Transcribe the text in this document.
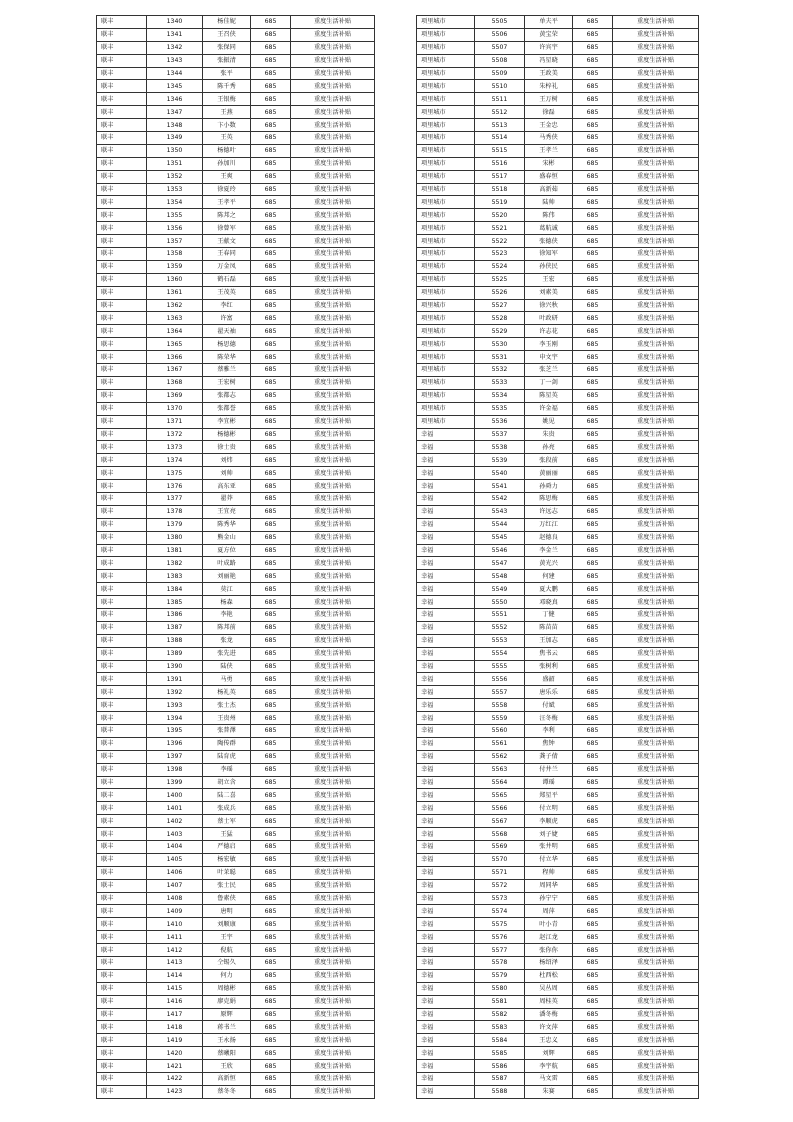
联丰	1340	杨佳妮	685	重度生活补贴
联丰	1341	王召侠	685	重度生活补贴
联丰	1342	张保同	685	重度生活补贴
联丰	1343	张振清	685	重度生活补贴
联丰	1344	张平	685	重度生活补贴
联丰	1345	陈千秀	685	重度生活补贴
联丰	1346	王银梅	685	重度生活补贴
联丰	1347	王燕	685	重度生活补贴
联丰	1348	卞小数	685	重度生活补贴
联丰	1349	王英	685	重度生活补贴
联丰	1350	杨德叶	685	重度生活补贴
联丰	1351	孙加川	685	重度生活补贴
联丰	1352	王爽	685	重度生活补贴
联丰	1353	徐夏玲	685	重度生活补贴
联丰	1354	王孝平	685	重度生活补贴
联丰	1355	陈邦之	685	重度生活补贴
联丰	1356	徐曾军	685	重度生活补贴
联丰	1357	王献文	685	重度生活补贴
联丰	1358	王春同	685	重度生活补贴
联丰	1359	万金凤	685	重度生活补贴
联丰	1360	鹤石磊	685	重度生活补贴
联丰	1361	王茂英	685	重度生活补贴
联丰	1362	李红	685	重度生活补贴
联丰	1363	许富	685	重度生活补贴
联丰	1364	翟天袖	685	重度生活补贴
联丰	1365	杨思德	685	重度生活补贴
联丰	1366	陈荣华	685	重度生活补贴
联丰	1367	蔡雅兰	685	重度生活补贴
联丰	1368	王宏树	685	重度生活补贴
联丰	1369	张都志	685	重度生活补贴
联丰	1370	张都誉	685	重度生活补贴
联丰	1371	李宜彬	685	重度生活补贴
联丰	1372	杨德彬	685	重度生活补贴
联丰	1373	徐士贵	685	重度生活补贴
联丰	1374	刘炜	685	重度生活补贴
联丰	1375	刘帅	685	重度生活补贴
联丰	1376	高东亚	685	重度生活补贴
联丰	1377	翟莽	685	重度生活补贴
联丰	1378	王宜亮	685	重度生活补贴
联丰	1379	陈秀华	685	重度生活补贴
联丰	1380	熊金山	685	重度生活补贴
联丰	1381	夏方位	685	重度生活补贴
联丰	1382	叶成路	685	重度生活补贴
联丰	1383	刘丽艳	685	重度生活补贴
联丰	1384	莫江	685	重度生活补贴
联丰	1385	杨森	685	重度生活补贴
联丰	1386	李艳	685	重度生活补贴
联丰	1387	陈邦前	685	重度生活补贴
联丰	1388	张龙	685	重度生活补贴
联丰	1389	张先进	685	重度生活补贴
联丰	1390	陆侠	685	重度生活补贴
联丰	1391	马勇	685	重度生活补贴
联丰	1392	杨礼英	685	重度生活补贴
联丰	1393	张士杰	685	重度生活补贴
联丰	1394	王贵州	685	重度生活补贴
联丰	1395	张普澤	685	重度生活补贴
联丰	1396	陶传群	685	重度生活补贴
联丰	1397	陆育虎	685	重度生活补贴
联丰	1398	李瑶	685	重度生活补贴
联丰	1399	胡立含	685	重度生活补贴
联丰	1400	陆二喜	685	重度生活补贴
联丰	1401	张成兵	685	重度生活补贴
联丰	1402	蔡士军	685	重度生活补贴
联丰	1403	王猛	685	重度生活补贴
联丰	1404	严德启	685	重度生活补贴
联丰	1405	杨宏敏	685	重度生活补贴
联丰	1406	叶茉聪	685	重度生活补贴
联丰	1407	张士民	685	重度生活补贴
联丰	1408	鲁素侠	685	重度生活补贴
联丰	1409	唐明	685	重度生活补贴
联丰	1410	刘顺康	685	重度生活补贴
联丰	1411	王宇	685	重度生活补贴
联丰	1412	倪航	685	重度生活补贴
联丰	1413	仝锡久	685	重度生活补贴
联丰	1414	何力	685	重度生活补贴
联丰	1415	周德彬	685	重度生活补贴
联丰	1416	廖克娟	685	重度生活补贴
联丰	1417	原辉	685	重度生活补贴
联丰	1418	蒋书兰	685	重度生活补贴
联丰	1419	王永扬	685	重度生活补贴
联丰	1420	蔡曦阳	685	重度生活补贴
联丰	1421	王欣	685	重度生活补贴
联丰	1422	高新恒	685	重度生活补贴
联丰	1423	蔡冬冬	685	重度生活补贴
项里城市	5505	单夫平	685	重度生活补贴
项里城市	5506	黄宝荣	685	重度生活补贴
项里城市	5507	许宾宇	685	重度生活补贴
项里城市	5508	冯星晓	685	重度生活补贴
项里城市	5509	王政美	685	重度生活补贴
项里城市	5510	朱梓礼	685	重度生活补贴
项里城市	5511	王万树	685	重度生活补贴
项里城市	5512	徐磊	685	重度生活补贴
项里城市	5513	王金忠	685	重度生活补贴
项里城市	5514	马秀侠	685	重度生活补贴
项里城市	5515	王孝兰	685	重度生活补贴
项里城市	5516	宋彬	685	重度生活补贴
项里城市	5517	盛春恒	685	重度生活补贴
项里城市	5518	高新茹	685	重度生活补贴
项里城市	5519	陆帅	685	重度生活补贴
项里城市	5520	陈伟	685	重度生活补贴
项里城市	5521	葛航诚	685	重度生活补贴
项里城市	5522	张德侠	685	重度生活补贴
项里城市	5523	徐知军	685	重度生活补贴
项里城市	5524	孙侠民	685	重度生活补贴
项里城市	5525	王宏	685	重度生活补贴
项里城市	5526	刘素美	685	重度生活补贴
项里城市	5527	徐兴秋	685	重度生活补贴
项里城市	5528	叶政研	685	重度生活补贴
项里城市	5529	许志花	685	重度生活补贴
项里城市	5530	李玉刚	685	重度生活补贴
项里城市	5531	申文宇	685	重度生活补贴
项里城市	5532	张芝兰	685	重度生活补贴
项里城市	5533	丁一剑	685	重度生活补贴
项里城市	5534	陈星英	685	重度生活补贴
项里城市	5535	许金福	685	重度生活补贴
项里城市	5536	姚见	685	重度生活补贴
幸福	5537	朱贵	685	重度生活补贴
幸福	5538	孙亮	685	重度生活补贴
幸福	5539	张段前	685	重度生活补贴
幸福	5540	黄丽丽	685	重度生活补贴
幸福	5541	孙舜力	685	重度生活补贴
幸福	5542	陈思梅	685	重度生活补贴
幸福	5543	许远志	685	重度生活补贴
幸福	5544	万红江	685	重度生活补贴
幸福	5545	赵德良	685	重度生活补贴
幸福	5546	李金兰	685	重度生活补贴
幸福	5547	黄光兴	685	重度生活补贴
幸福	5548	何建	685	重度生活补贴
幸福	5549	夏大鹏	685	重度生活补贴
幸福	5550	邓晓真	685	重度生活补贴
幸福	5551	丁健	685	重度生活补贴
幸福	5552	陈苗苗	685	重度生活补贴
幸福	5553	王加志	685	重度生活补贴
幸福	5554	焦书云	685	重度生活补贴
幸福	5555	张树利	685	重度生活补贴
幸福	5556	盛韶	685	重度生活补贴
幸福	5557	唐乐乐	685	重度生活补贴
幸福	5558	付斌	685	重度生活补贴
幸福	5559	汪冬梅	685	重度生活补贴
幸福	5560	李利	685	重度生活补贴
幸福	5561	焦钟	685	重度生活补贴
幸福	5562	龚子倩	685	重度生活补贴
幸福	5563	付井兰	685	重度生活补贴
幸福	5564	谭瑶	685	重度生活补贴
幸福	5565	郑星平	685	重度生活补贴
幸福	5566	付立明	685	重度生活补贴
幸福	5567	李顺虎	685	重度生活补贴
幸福	5568	刘子婕	685	重度生活补贴
幸福	5569	张井明	685	重度生活补贴
幸福	5570	付立华	685	重度生活补贴
幸福	5571	程帅	685	重度生活补贴
幸福	5572	周同华	685	重度生活补贴
幸福	5573	孙宁宁	685	重度生活补贴
幸福	5574	周萍	685	重度生活补贴
幸福	5575	叶小青	685	重度生活补贴
幸福	5576	赵江龙	685	重度生活补贴
幸福	5577	张你你	685	重度生活补贴
幸福	5578	杨绍泽	685	重度生活补贴
幸福	5579	杜西松	685	重度生活补贴
幸福	5580	吴丛周	685	重度生活补贴
幸福	5581	周桂英	685	重度生活补贴
幸福	5582	潘冬梅	685	重度生活补贴
幸福	5583	许文萍	685	重度生活补贴
幸福	5584	王忠义	685	重度生活补贴
幸福	5585	刘辉	685	重度生活补贴
幸福	5586	李宇航	685	重度生活补贴
幸福	5587	马文雷	685	重度生活补贴
幸福	5588	朱赛	685	重度生活补贴
